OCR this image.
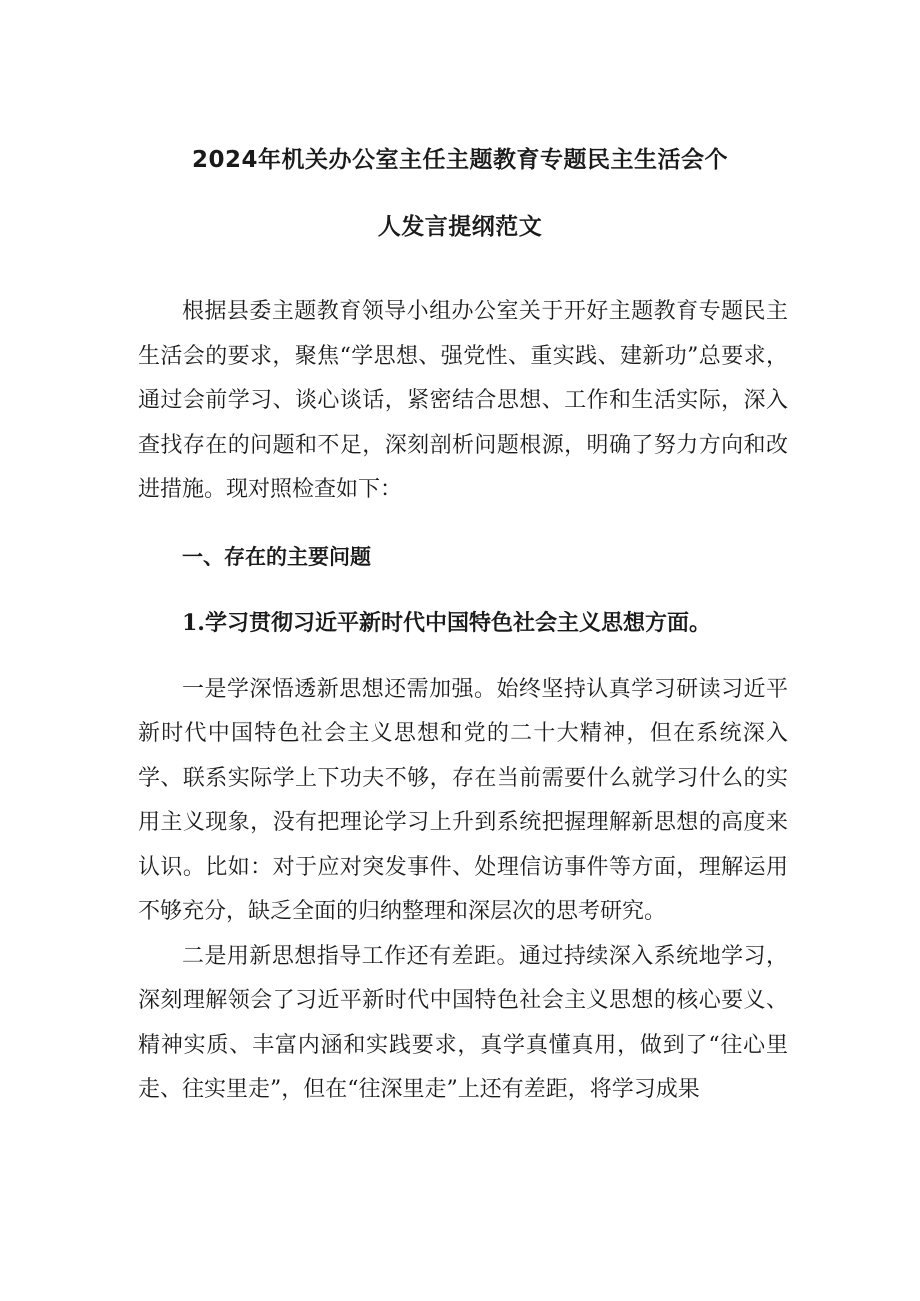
2024年机关办公室主任主题教育专题民主生活会个
人发言提纲范文

根据县委主题教育领导小组办公室关于开好主题教育专题民主生活会的要求，聚焦“学思想、强党性、重实践、建新功”总要求，通过会前学习、谈心谈话，紧密结合思想、工作和生活实际，深入查找存在的问题和不足，深刻剖析问题根源，明确了努力方向和改进措施。现对照检查如下：

一、存在的主要问题

1.学习贯彻习近平新时代中国特色社会主义思想方面。

一是学深悟透新思想还需加强。始终坚持认真学习研读习近平新时代中国特色社会主义思想和党的二十大精神，但在系统深入学、联系实际学上下功夫不够，存在当前需要什么就学习什么的实用主义现象，没有把理论学习上升到系统把握理解新思想的高度来认识。比如：对于应对突发事件、处理信访事件等方面，理解运用不够充分，缺乏全面的归纳整理和深层次的思考研究。

二是用新思想指导工作还有差距。通过持续深入系统地学习，深刻理解领会了习近平新时代中国特色社会主义思想的核心要义、精神实质、丰富内涵和实践要求，真学真懂真用，做到了“往心里走、往实里走”，但在“往深里走”上还有差距，将学习成果
